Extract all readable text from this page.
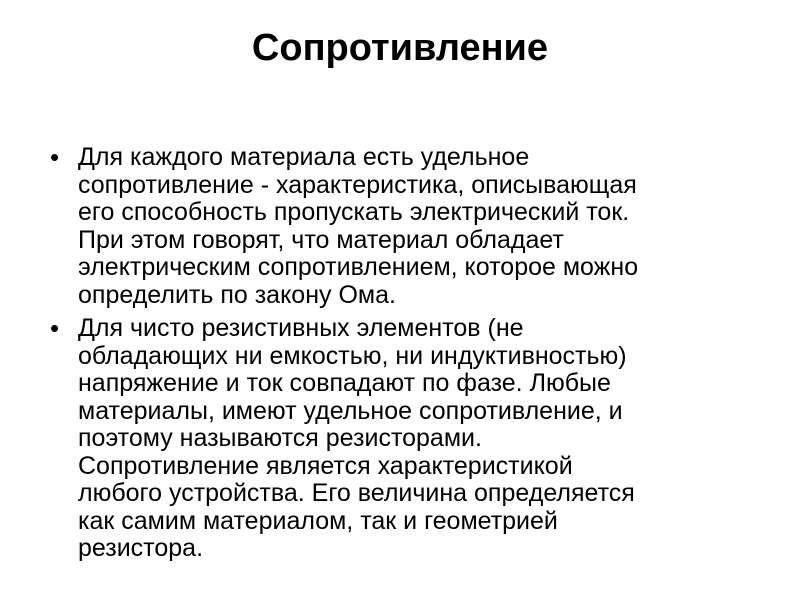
Сопротивление
• Для каждого материала есть удельное
сопротивление - характеристика, описывающая
его способность пропускать электрический ток.
При этом говорят, что материал обладает
электрическим сопротивлением, которое можно
определить по закону Ома.
• Для чисто резистивных элементов (не
обладающих ни емкостью, ни индуктивностью)
напряжение и ток совпадают по фазе. Любые
материалы, имеют удельное сопротивление, и
поэтому называются резисторами.
Сопротивление является характеристикой
любого устройства. Его величина определяется
как самим материалом, так и геометрией
резистора.
